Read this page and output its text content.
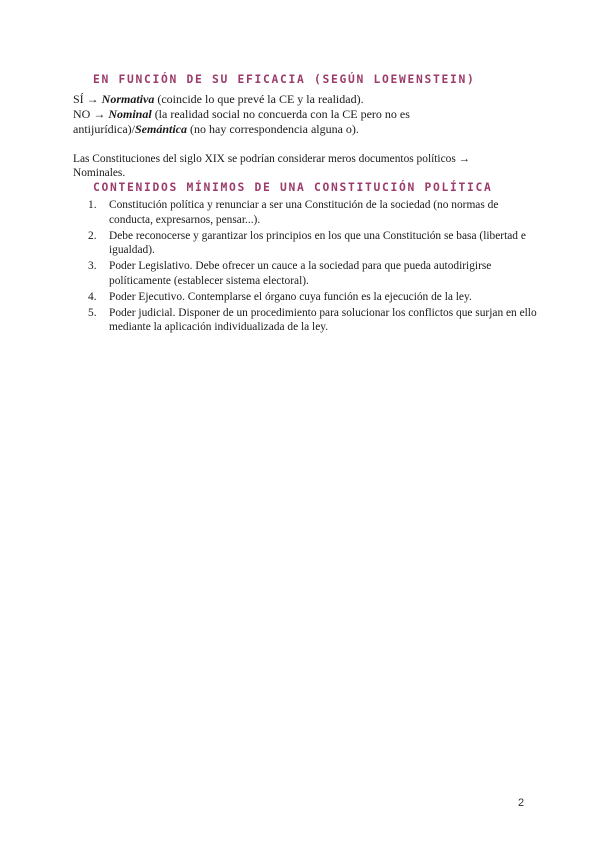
EN FUNCIÓN DE SU EFICACIA (SEGÚN LOEWENSTEIN)
SÍ → Normativa (coincide lo que prevé la CE y la realidad).
NO → Nominal (la realidad social no concuerda con la CE pero no es
antijurídica)/Semántica (no hay correspondencia alguna o).
Las Constituciones del siglo XIX se podrían considerar meros documentos políticos →
Nominales.
CONTENIDOS MÍNIMOS DE UNA CONSTITUCIÓN POLÍTICA
1. Constitución política y renunciar a ser una Constitución de la sociedad (no normas de conducta, expresarnos, pensar...).
2. Debe reconocerse y garantizar los principios en los que una Constitución se basa (libertad e igualdad).
3. Poder Legislativo. Debe ofrecer un cauce a la sociedad para que pueda autodirigirse políticamente (establecer sistema electoral).
4. Poder Ejecutivo. Contemplarse el órgano cuya función es la ejecución de la ley.
5. Poder judicial. Disponer de un procedimiento para solucionar los conflictos que surjan en ello mediante la aplicación individualizada de la ley.
2
